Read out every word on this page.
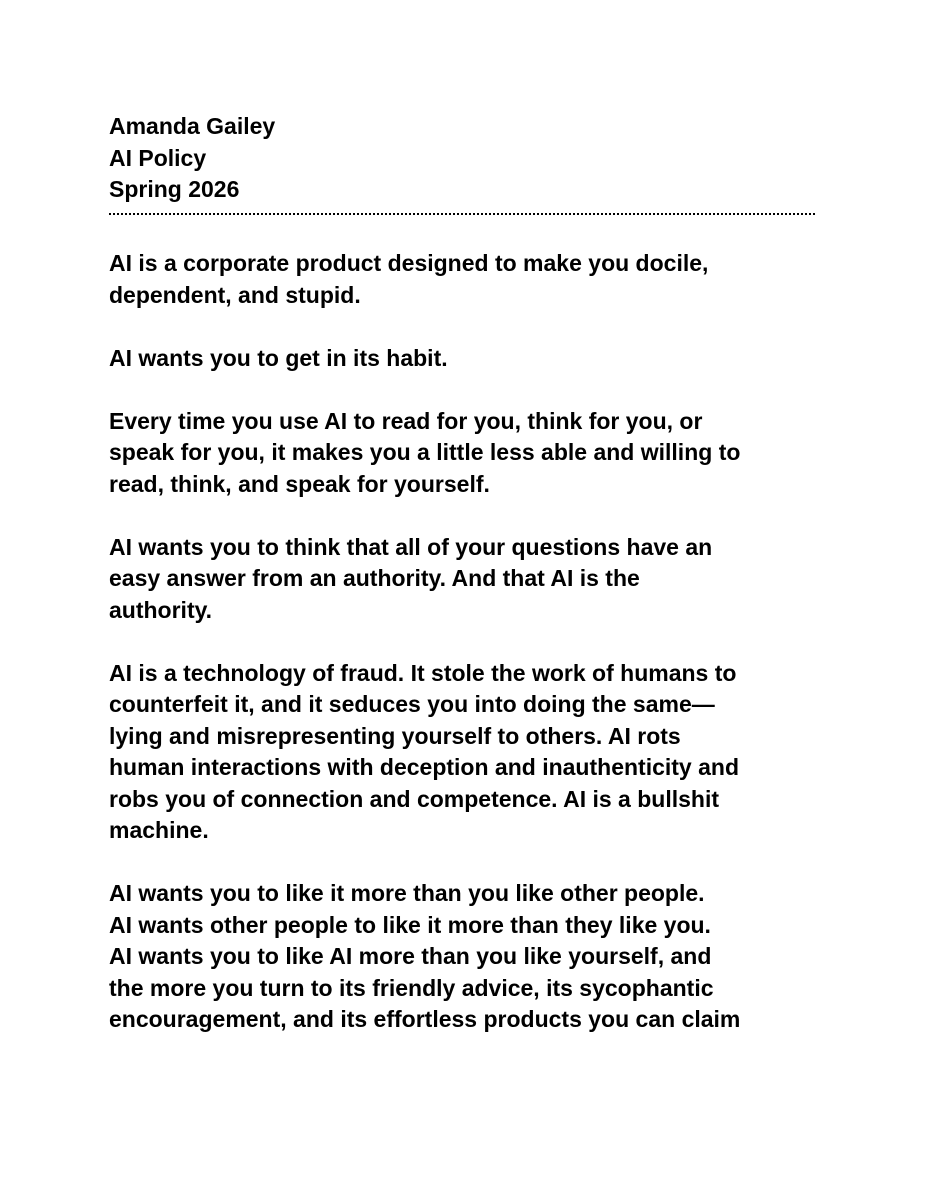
Amanda Gailey
AI Policy
Spring 2026
AI is a corporate product designed to make you docile,
dependent, and stupid.
AI wants you to get in its habit.
Every time you use AI to read for you, think for you, or
speak for you, it makes you a little less able and willing to
read, think, and speak for yourself.
AI wants you to think that all of your questions have an
easy answer from an authority. And that AI is the
authority.
AI is a technology of fraud. It stole the work of humans to
counterfeit it, and it seduces you into doing the same—
lying and misrepresenting yourself to others. AI rots
human interactions with deception and inauthenticity and
robs you of connection and competence. AI is a bullshit
machine.
AI wants you to like it more than you like other people.
AI wants other people to like it more than they like you.
AI wants you to like AI more than you like yourself, and
the more you turn to its friendly advice, its sycophantic
encouragement, and its effortless products you can claim
